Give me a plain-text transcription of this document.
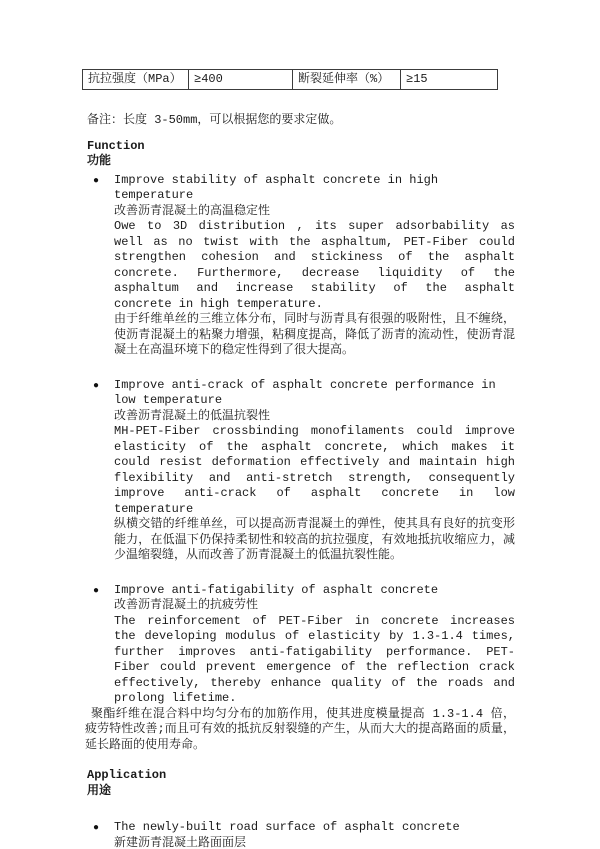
抗拉强度（MPa）	≥400	断裂延伸率（%）	≥15

备注：长度 3-50mm，可以根据您的要求定做。

Function
功能
● Improve stability of asphalt concrete in high temperature
改善沥青混凝土的高温稳定性
Owe to 3D distribution , its super adsorbability as well as no twist with the asphaltum, PET-Fiber could strengthen cohesion and stickiness of the asphalt concrete. Furthermore, decrease liquidity of the asphaltum and increase stability of the asphalt concrete in high temperature.
由于纤维单丝的三维立体分布，同时与沥青具有很强的吸附性，且不缠绕，使沥青混凝土的粘聚力增强，粘稠度提高，降低了沥青的流动性，使沥青混凝土在高温环境下的稳定性得到了很大提高。
● Improve anti-crack of asphalt concrete performance in low temperature
改善沥青混凝土的低温抗裂性
MH-PET-Fiber crossbinding monofilaments could improve elasticity of the asphalt concrete, which makes it could resist deformation effectively and maintain high flexibility and anti-stretch strength, consequently improve anti-crack of asphalt concrete in low temperature
纵横交错的纤维单丝，可以提高沥青混凝土的弹性，使其具有良好的抗变形能力，在低温下仍保持柔韧性和较高的抗拉强度，有效地抵抗收缩应力，减少温缩裂缝，从而改善了沥青混凝土的低温抗裂性能。
● Improve anti-fatigability of asphalt concrete
改善沥青混凝土的抗疲劳性
The reinforcement of PET-Fiber in concrete increases the developing modulus of elasticity by 1.3-1.4 times, further improves anti-fatigability performance. PET-Fiber could prevent emergence of the reflection crack effectively, thereby enhance quality of the roads and prolong lifetime.

聚酯纤维在混合料中均匀分布的加筋作用，使其进度模量提高 1.3-1.4 倍，疲劳特性改善;而且可有效的抵抗反射裂缝的产生，从而大大的提高路面的质量，延长路面的使用寿命。

Application
用途
● The newly-built road surface of asphalt concrete
新建沥青混凝土路面面层
